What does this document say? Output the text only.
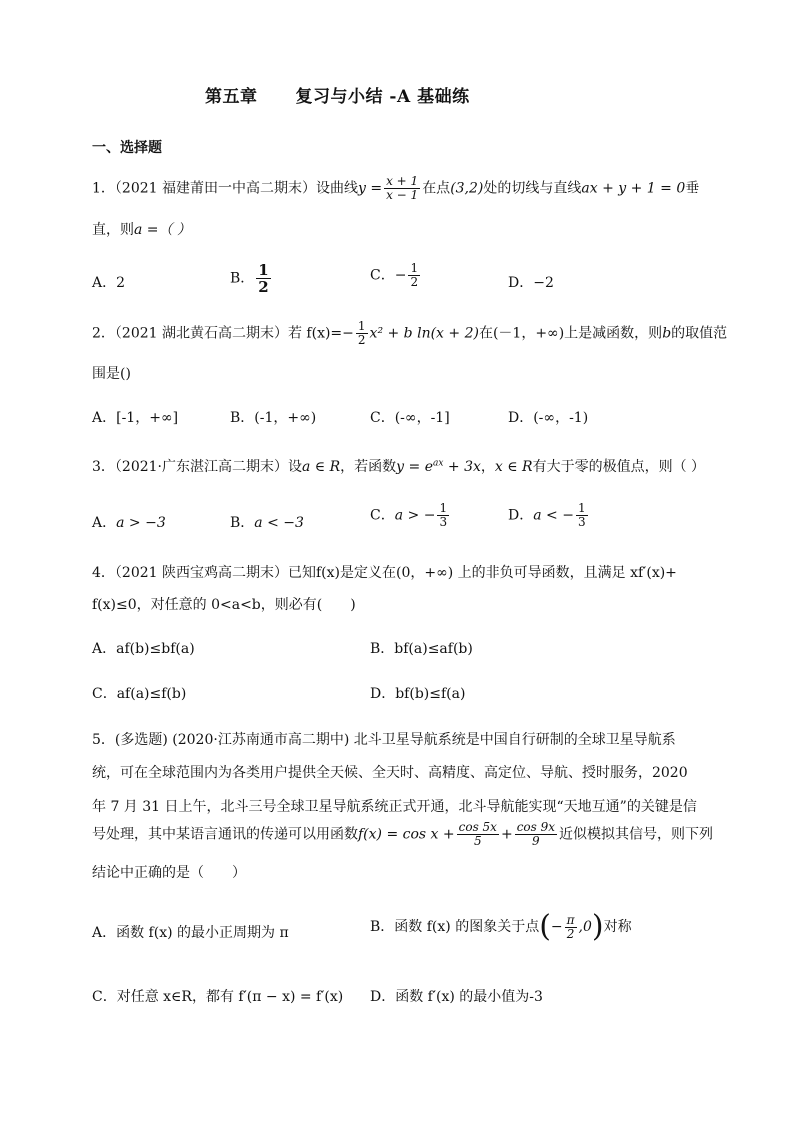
第五章 复习与小结 -A 基础练
一、选择题
1．（2021 福建莆田一中高二期末）设曲线$y = \frac{x + 1}{x - 1}$ 在点(3,2)处的切线与直线ax + y + 1 = 0垂
直，则a =（ ）
A．2	B． $\frac{1}{2}$	C．− $\frac{1}{2}$	D．−2
2．（2021 湖北黄石高二期末）若 $f(x)=- \frac{1}{2} x^2 + b$ ln(x + 2)在(－1，+∞)上是减函数，则b的取值范
围是()
A．[-1，+∞]	B．(-1，+∞)	C．(-∞，-1]	D．(-∞，-1)
3．（2021·广东湛江高二期末）设a ∈ R，若函数$y = e^{ax} + 3x$，x ∈ R有大于零的极值点，则（ ）
A．a > −3	B．a < −3	C．a > − $\frac{1}{3}$	D．a < − $\frac{1}{3}$
4．（2021 陕西宝鸡高二期末）已知f(x)是定义在(0，+∞) 上的非负可导函数，且满足 xf′(x)+
f(x)≤0，对任意的 0<a<b，则必有(　　)
A．af(b)≤bf(a)	B．bf(a)≤af(b)
C．af(a)≤f(b)	D．bf(b)≤f(a)
5．(多选题) (2020·江苏南通市高二期中) 北斗卫星导航系统是中国自行研制的全球卫星导航系
统，可在全球范围内为各类用户提供全天候、全天时、高精度、高定位、导航、授时服务，2020
年 7 月 31 日上午，北斗三号全球卫星导航系统正式开通，北斗导航能实现“天地互通”的关键是信
号处理，其中某语言通讯的传递可以用函数$f(x) = \cos x + \frac{\cos 5x}{5} + \frac{\cos 9x}{9}$ 近似模拟其信号，则下列
结论中正确的是（　　）
A．函数 f(x) 的最小正周期为 π	B．函数 f(x) 的图象关于点(− $\frac{\pi}{2} ,0$)对称
C．对任意 x∈R，都有 f′(π − x) = f′(x) D．函数 f′(x) 的最小值为-3
